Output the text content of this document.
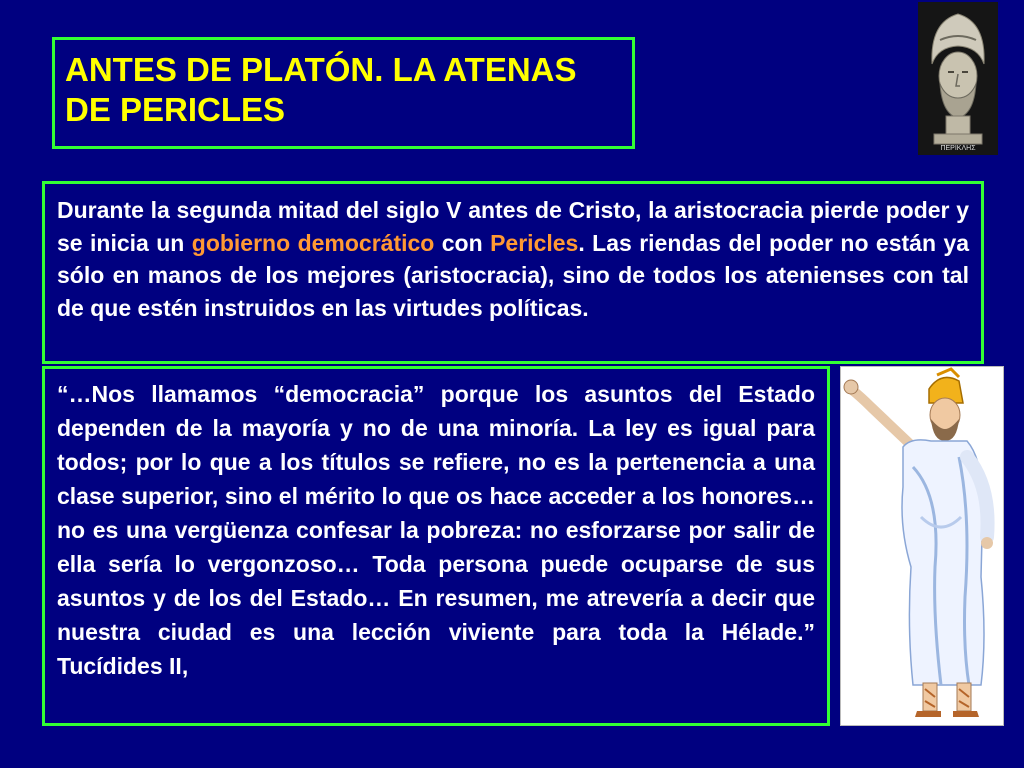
ANTES DE PLATÓN. LA ATENAS DE PERICLES
ΠΕΡΙΚΛΗΣ

Durante la segunda mitad del siglo V antes de Cristo, la aristocracia pierde poder y se inicia un gobierno democrático con Pericles. Las riendas del poder no están ya sólo en manos de los mejores (aristocracia), sino de todos los atenienses con tal de que estén instruidos en las virtudes políticas.

“…Nos llamamos “democracia” porque los asuntos del Estado dependen de la mayoría y no de una minoría. La ley es igual para todos; por lo que a los títulos se refiere, no es la pertenencia a una clase superior, sino el mérito lo que os hace acceder a los honores… no es una vergüenza confesar la pobreza: no esforzarse por salir de ella sería lo vergonzoso… Toda persona puede ocuparse de sus asuntos y de los del Estado… En resumen, me atrevería a decir que nuestra ciudad es una lección viviente para toda la Hélade.” Tucídides II,
